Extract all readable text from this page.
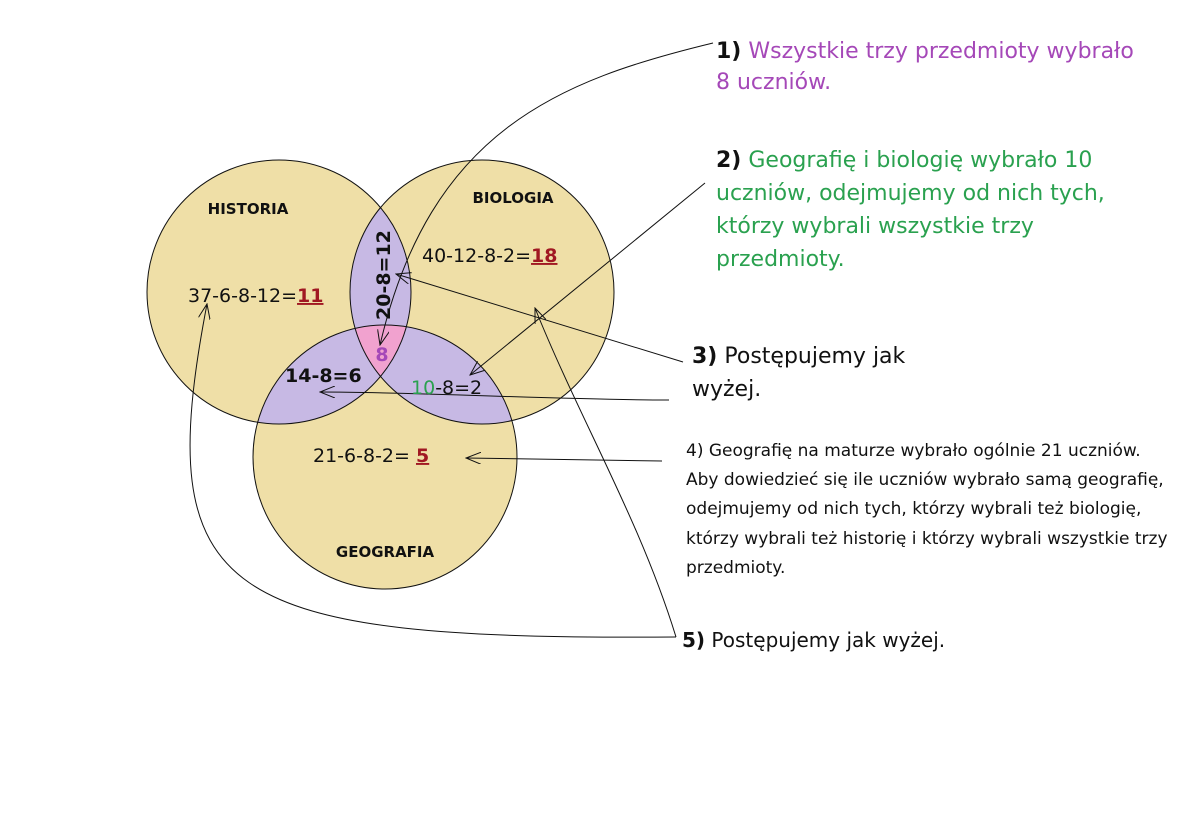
HISTORIA
BIOLOGIA
GEOGRAFIA
37-6-8-12=11
40-12-8-2=18
21-6-8-2= 5
20-8=12
14-8=6
10-8=2
8
1) Wszystkie trzy przedmioty wybrało 8 uczniów.
2) Geografię i biologię wybrało 10 uczniów, odejmujemy od nich tych, którzy wybrali wszystkie trzy przedmioty.
3) Postępujemy jak wyżej.
4) Geografię na maturze wybrało ogólnie 21 uczniów. Aby dowiedzieć się ile uczniów wybrało samą geografię, odejmujemy od nich tych, którzy wybrali też biologię, którzy wybrali też historię i którzy wybrali wszystkie trzy przedmioty.
5) Postępujemy jak wyżej.
